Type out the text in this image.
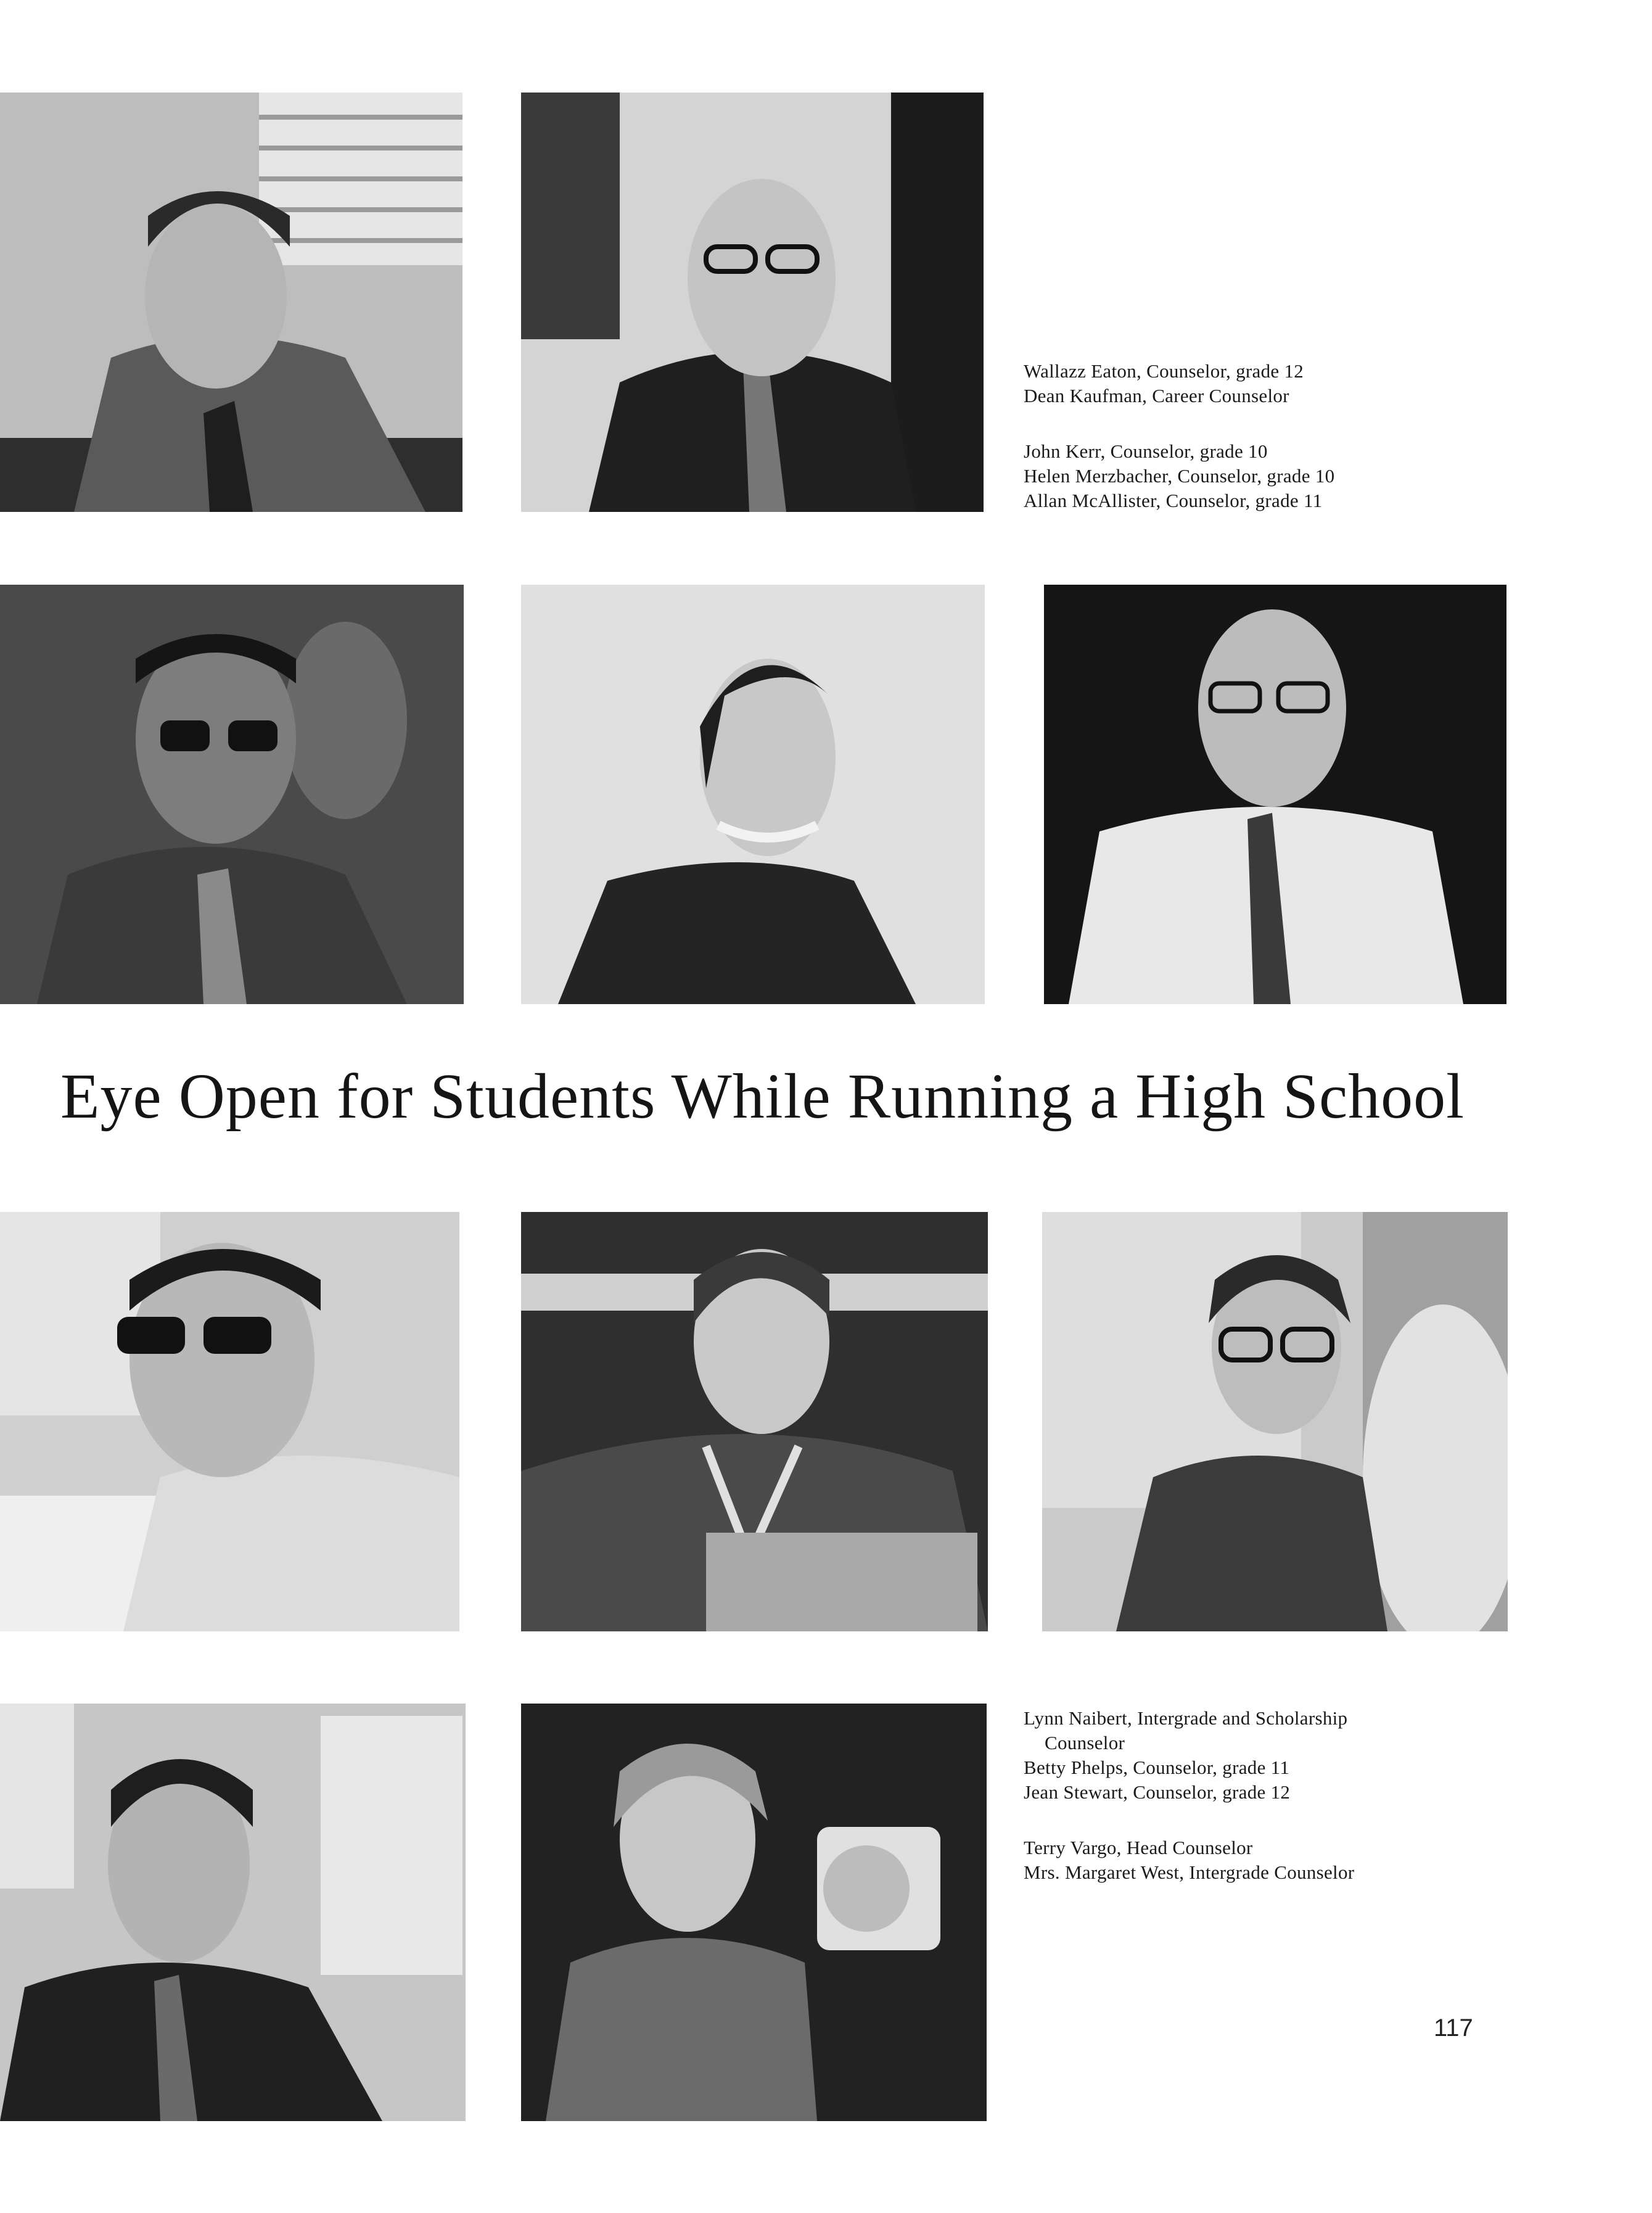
Wallazz Eaton, Counselor, grade 12
Dean Kaufman, Career Counselor
John Kerr, Counselor, grade 10
Helen Merzbacher, Counselor, grade 10
Allan McAllister, Counselor, grade 11
Eye Open for Students While Running a High School
Lynn Naibert, Intergrade and Scholarship
Counselor
Betty Phelps, Counselor, grade 11
Jean Stewart, Counselor, grade 12
Terry Vargo, Head Counselor
Mrs. Margaret West, Intergrade Counselor
117
